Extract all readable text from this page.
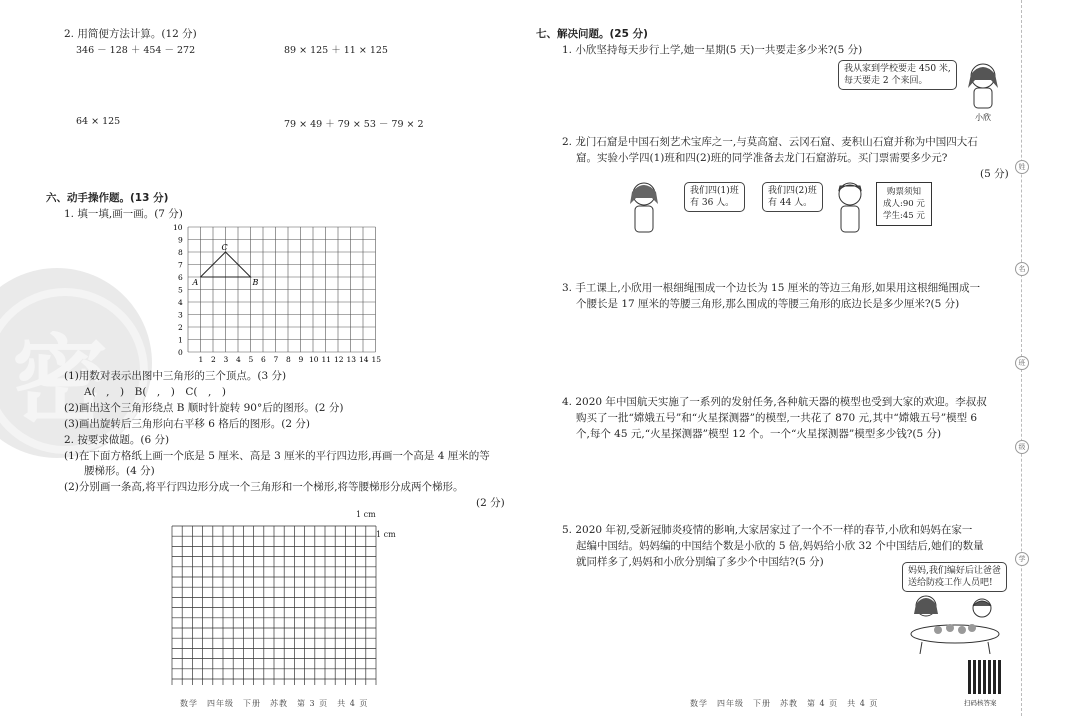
密
2. 用简便方法计算。(12 分)
346 － 128 ＋ 454 － 272	89 × 125 ＋ 11 × 125
64 × 125	79 × 49 ＋ 79 × 53 － 79 × 2
六、动手操作题。(13 分)
1. 填一填,画一画。(7 分)
A
C
B
10
9
8
7
6
5
4
3
2
1
0
1 2 3 4 5 6 7 8 9 10 11 12 13 14 15
(1)用数对表示出图中三角形的三个顶点。(3 分)
A(　,　)　B(　,　)　C(　,　)
(2)画出这个三角形绕点 B 顺时针旋转 90°后的图形。(2 分)
(3)画出旋转后三角形向右平移 6 格后的图形。(2 分)
2. 按要求做题。(6 分)
(1)在下面方格纸上画一个底是 5 厘米、高是 3 厘米的平行四边形,再画一个高是 4 厘米的等
腰梯形。(4 分)
(2)分别画一条高,将平行四边形分成一个三角形和一个梯形,将等腰梯形分成两个梯形。
(2 分)
1 cm
1 cm
数学　四年级　下册　苏教　第 3 页　共 4 页
七、解决问题。(25 分)
1. 小欣坚持每天步行上学,她一星期(5 天)一共要走多少米?(5 分)
我从家到学校要走 450 米,
每天要走 2 个来回。
小欣
2. 龙门石窟是中国石刻艺术宝库之一,与莫高窟、云冈石窟、麦积山石窟并称为中国四大石
窟。实验小学四(1)班和四(2)班的同学准备去龙门石窟游玩。买门票需要多少元?
(5 分)
我们四(1)班
有 36 人。
我们四(2)班
有 44 人。
购票须知
成人:90 元
学生:45 元
3. 手工课上,小欣用一根细绳围成一个边长为 15 厘米的等边三角形,如果用这根细绳围成一
个腰长是 17 厘米的等腰三角形,那么围成的等腰三角形的底边长是多少厘米?(5 分)
4. 2020 年中国航天实施了一系列的发射任务,各种航天器的模型也受到大家的欢迎。李叔叔
购买了一批“嫦娥五号”和“火星探测器”的模型,一共花了 870 元,其中“嫦娥五号”模型 6
个,每个 45 元,“火星探测器”模型 12 个。一个“火星探测器”模型多少钱?(5 分)
5. 2020 年初,受新冠肺炎疫情的影响,大家居家过了一个不一样的春节,小欣和妈妈在家一
起编中国结。妈妈编的中国结个数是小欣的 5 倍,妈妈给小欣 32 个中国结后,她们的数量
就同样多了,妈妈和小欣分别编了多少个中国结?(5 分)
妈妈,我们编好后让爸爸
送给防疫工作人员吧!
扫码核答案
数学　四年级　下册　苏教　第 4 页　共 4 页
姓
名
班
级
学
